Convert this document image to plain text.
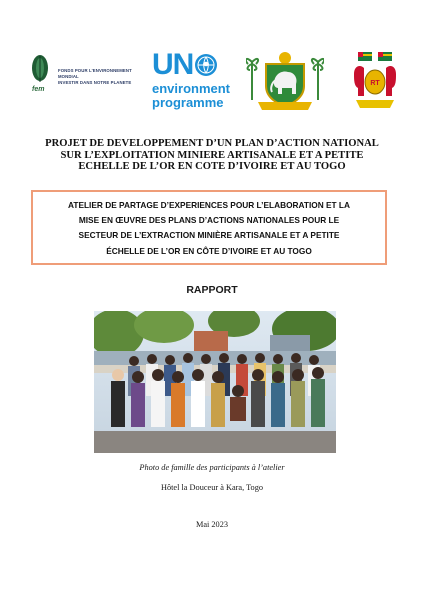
fem
FONDS POUR L'ENVIRONNEMENT MONDIAL
INVESTIR DANS NOTRE PLANETE
UN
environment
programme
RT
PROJET DE DEVELOPPEMENT D’UN PLAN D’ACTION NATIONAL
SUR L’EXPLOITATION MINIERE ARTISANALE ET A PETITE
ECHELLE DE L’OR EN COTE D’IVOIRE ET AU TOGO
ATELIER DE PARTAGE D’EXPERIENCES POUR L’ELABORATION ET LA
MISE EN ŒUVRE DES PLANS D’ACTIONS NATIONALES POUR LE
SECTEUR DE L’EXTRACTION MINIÈRE ARTISANALE ET A PETITE
ÉCHELLE DE L’OR EN CÔTE D’IVOIRE ET AU TOGO
RAPPORT
Photo de famille des participants à l’atelier
Hôtel la Douceur à Kara, Togo
Mai 2023
